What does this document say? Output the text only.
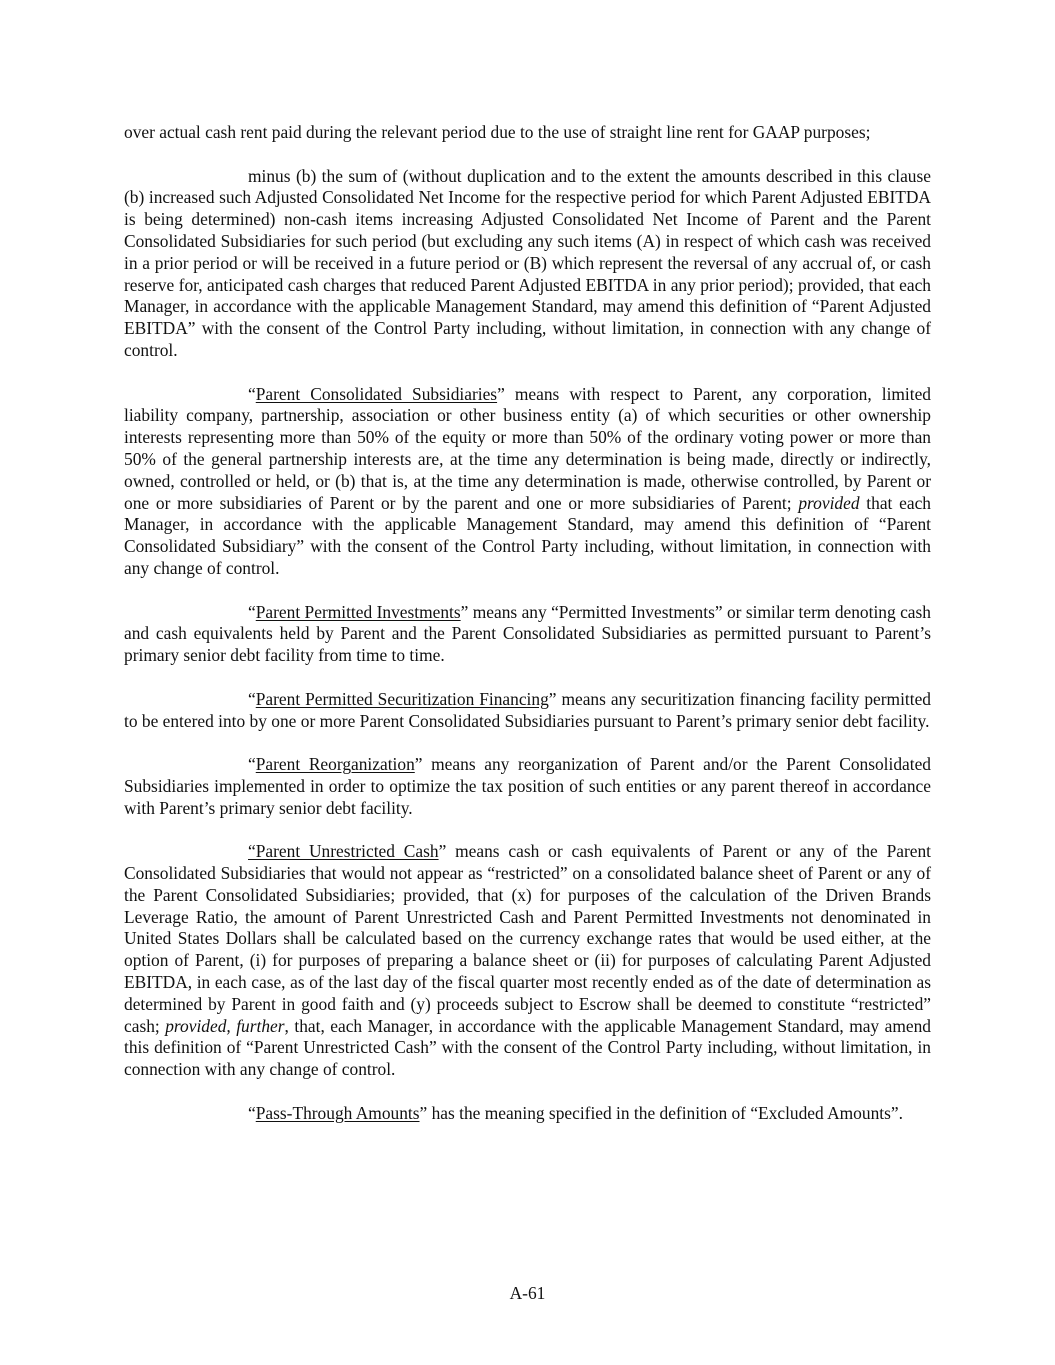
over actual cash rent paid during the relevant period due to the use of straight line rent for GAAP purposes;

minus (b) the sum of (without duplication and to the extent the amounts described in this clause (b) increased such Adjusted Consolidated Net Income for the respective period for which Parent Adjusted EBITDA is being determined) non-cash items increasing Adjusted Consolidated Net Income of Parent and the Parent Consolidated Subsidiaries for such period (but excluding any such items (A) in respect of which cash was received in a prior period or will be received in a future period or (B) which represent the reversal of any accrual of, or cash reserve for, anticipated cash charges that reduced Parent Adjusted EBITDA in any prior period); provided, that each Manager, in accordance with the applicable Management Standard, may amend this definition of “Parent Adjusted EBITDA” with the consent of the Control Party including, without limitation, in connection with any change of control.

“Parent Consolidated Subsidiaries” means with respect to Parent, any corporation, limited liability company, partnership, association or other business entity (a) of which securities or other ownership interests representing more than 50% of the equity or more than 50% of the ordinary voting power or more than 50% of the general partnership interests are, at the time any determination is being made, directly or indirectly, owned, controlled or held, or (b) that is, at the time any determination is made, otherwise controlled, by Parent or one or more subsidiaries of Parent or by the parent and one or more subsidiaries of Parent; provided that each Manager, in accordance with the applicable Management Standard, may amend this definition of “Parent Consolidated Subsidiary” with the consent of the Control Party including, without limitation, in connection with any change of control.

“Parent Permitted Investments” means any “Permitted Investments” or similar term denoting cash and cash equivalents held by Parent and the Parent Consolidated Subsidiaries as permitted pursuant to Parent’s primary senior debt facility from time to time.

“Parent Permitted Securitization Financing” means any securitization financing facility permitted to be entered into by one or more Parent Consolidated Subsidiaries pursuant to Parent’s primary senior debt facility.

“Parent Reorganization” means any reorganization of Parent and/or the Parent Consolidated Subsidiaries implemented in order to optimize the tax position of such entities or any parent thereof in accordance with Parent’s primary senior debt facility.

“Parent Unrestricted Cash” means cash or cash equivalents of Parent or any of the Parent Consolidated Subsidiaries that would not appear as “restricted” on a consolidated balance sheet of Parent or any of the Parent Consolidated Subsidiaries; provided, that (x) for purposes of the calculation of the Driven Brands Leverage Ratio, the amount of Parent Unrestricted Cash and Parent Permitted Investments not denominated in United States Dollars shall be calculated based on the currency exchange rates that would be used either, at the option of Parent, (i) for purposes of preparing a balance sheet or (ii) for purposes of calculating Parent Adjusted EBITDA, in each case, as of the last day of the fiscal quarter most recently ended as of the date of determination as determined by Parent in good faith and (y) proceeds subject to Escrow shall be deemed to constitute “restricted” cash; provided, further, that, each Manager, in accordance with the applicable Management Standard, may amend this definition of “Parent Unrestricted Cash” with the consent of the Control Party including, without limitation, in connection with any change of control.

“Pass-Through Amounts” has the meaning specified in the definition of “Excluded Amounts”.

A-61
